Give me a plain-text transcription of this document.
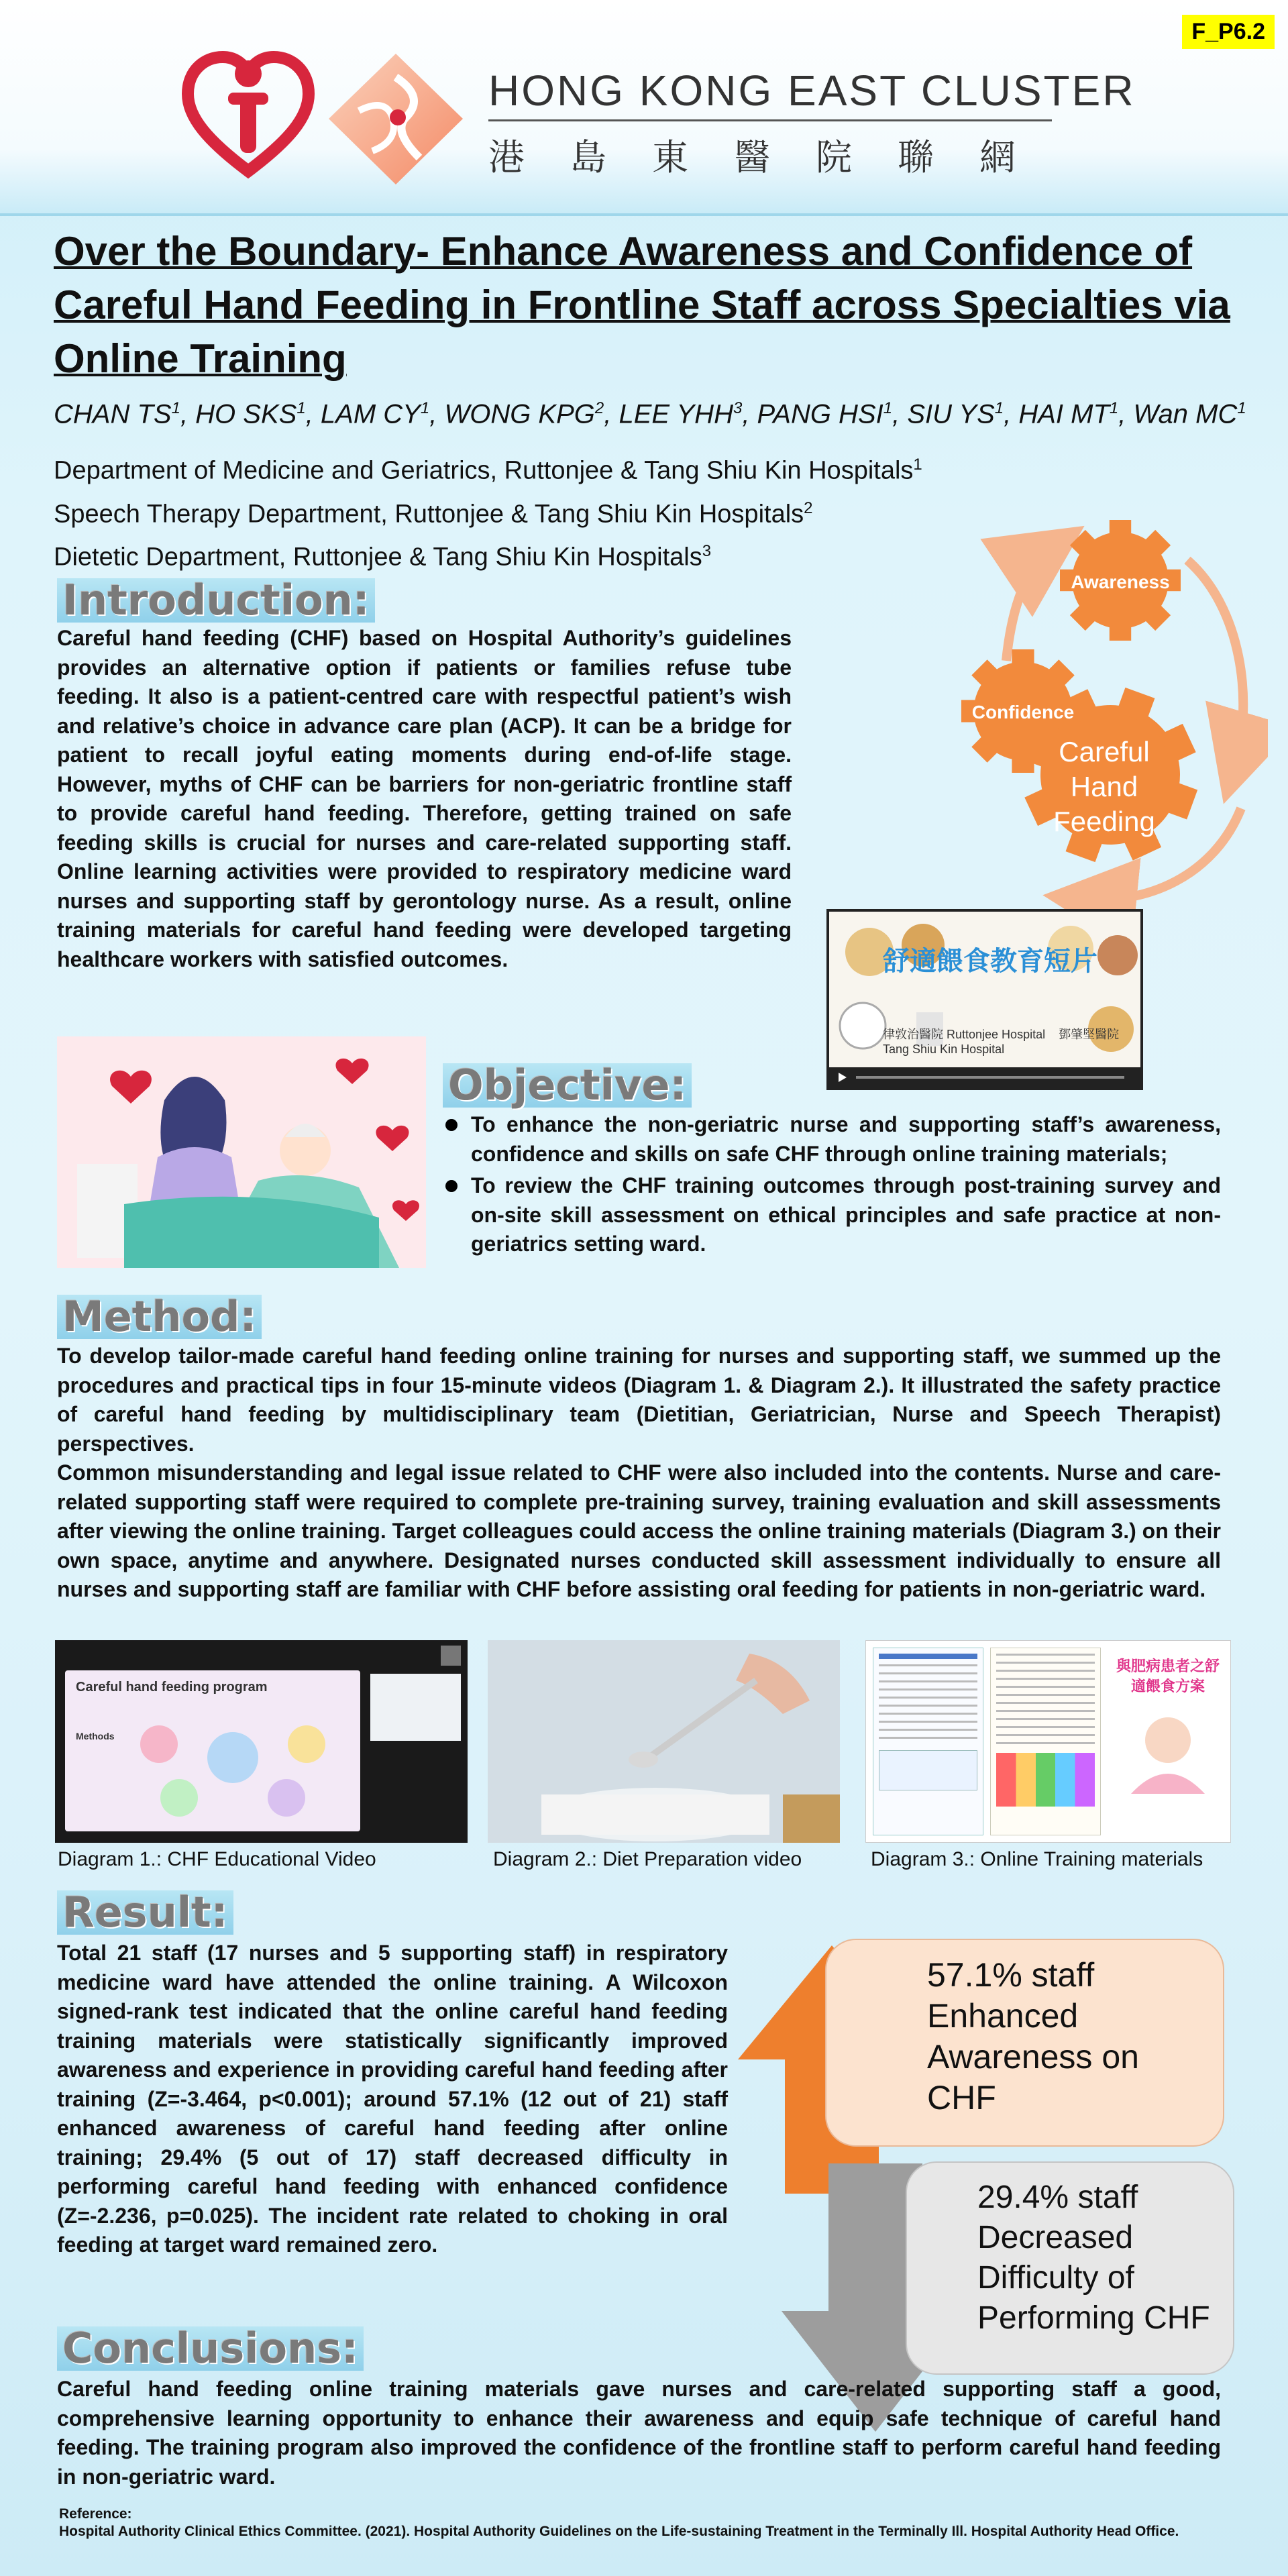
F_P6.2
HONG KONG EAST CLUSTER
港島東醫院聯網
Over the Boundary- Enhance Awareness and Confidence of Careful Hand Feeding in Frontline Staff across Specialties via Online Training
CHAN $TS^1$, HO SKS$^1$, LAM $CY^1$, WONG KPG$^2$, LEE YHH$^3$, PANG HSI$^1$, SIU $YS^1$, HAI $MT^1$, Wan $MC^1$
Department of Medicine and Geriatrics, Ruttonjee & Tang Shiu Kin Hospitals$^1$
Speech Therapy Department, Ruttonjee & Tang Shiu Kin Hospitals$^2$
Dietetic Department, Ruttonjee & Tang Shiu Kin Hospitals$^3$
Introduction:
Careful hand feeding (CHF) based on Hospital Authority’s guidelines provides an alternative option if patients or families refuse tube feeding. It also is a patient-centred care with respectful patient’s wish and relative’s choice in advance care plan (ACP). It can be a bridge for patient to recall joyful eating moments during end-of-life stage. However, myths of CHF can be barriers for non-geriatric frontline staff to provide careful hand feeding. Therefore, getting trained on safe feeding skills is crucial for nurses and care-related supporting staff. Online learning activities were provided to respiratory medicine ward nurses and supporting staff by gerontology nurse. As a result, online training materials for careful hand feeding were developed targeting healthcare workers with satisfied outcomes.
Awareness
Confidence
Careful
Hand
Feeding
舒適餵食教育短片
律敦治醫院 Ruttonjee Hospital 鄧肇堅醫院 Tang Shiu Kin Hospital
Objective:
To enhance the non-geriatric nurse and supporting staff’s awareness, confidence and skills on safe CHF through online training materials;
To review the CHF training outcomes through post-training survey and on-site skill assessment on ethical principles and safe practice at non-geriatrics setting ward.
Method:
To develop tailor-made careful hand feeding online training for nurses and supporting staff, we summed up the procedures and practical tips in four 15-minute videos (Diagram 1. & Diagram 2.). It illustrated the safety practice of careful hand feeding by multidisciplinary team (Dietitian, Geriatrician, Nurse and Speech Therapist) perspectives.
Common misunderstanding and legal issue related to CHF were also included into the contents. Nurse and care-related supporting staff were required to complete pre-training survey, training evaluation and skill assessments after viewing the online training. Target colleagues could access the online training materials (Diagram 3.) on their own space, anytime and anywhere. Designated nurses conducted skill assessment individually to ensure all nurses and supporting staff are familiar with CHF before assisting oral feeding for patients in non-geriatric ward.
Careful hand feeding program
Methods
與肥病患者之舒適餵食方案
Diagram 1.: CHF Educational Video	Diagram 2.: Diet Preparation video	Diagram 3.: Online Training materials
Result:
Total 21 staff (17 nurses and 5 supporting staff) in respiratory medicine ward have attended the online training. A Wilcoxon signed-rank test indicated that the online careful hand feeding training materials were statistically significantly improved awareness and experience in providing careful hand feeding after training (Z=-3.464, p<0.001); around 57.1% (12 out of 21) staff enhanced awareness of careful hand feeding after online training; 29.4% (5 out of 17) staff decreased difficulty in performing careful hand feeding with enhanced confidence (Z=-2.236, p=0.025). The incident rate related to choking in oral feeding at target ward remained zero.
57.1% staff
Enhanced
Awareness on
CHF
29.4% staff
Decreased
Difficulty of
Performing CHF
Conclusions:
Careful hand feeding online training materials gave nurses and care-related supporting staff a good, comprehensive learning opportunity to enhance their awareness and equip safe technique of careful hand feeding. The training program also improved the confidence of the frontline staff to perform careful hand feeding in non-geriatric ward.
Reference:
Hospital Authority Clinical Ethics Committee. (2021). Hospital Authority Guidelines on the Life-sustaining Treatment in the Terminally Ill. Hospital Authority Head Office.
